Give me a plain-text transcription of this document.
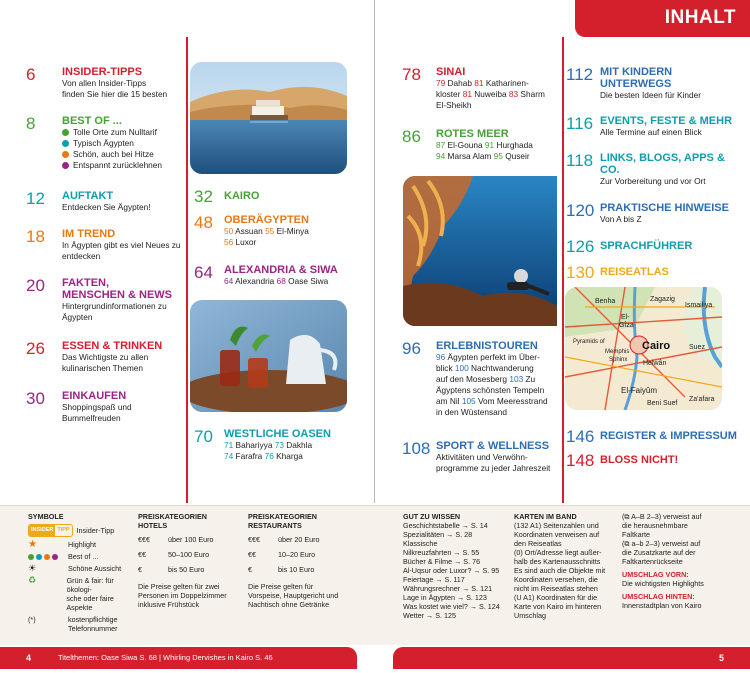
INHALT
6 INSIDER-TIPPS
Von allen Insider-Tipps
finden Sie hier die 15 besten
8 BEST OF ...
Tolle Orte zum Nulltarif
Typisch Ägypten
Schön, auch bei Hitze
Entspannt zurücklehnen
12 AUFTAKT
Entdecken Sie Ägypten!
18 IM TREND
In Ägypten gibt es viel Neues zu
entdecken
20 FAKTEN,
MENSCHEN & NEWS
Hintergrundinformationen zu
Ägypten
26 ESSEN & TRINKEN
Das Wichtigste zu allen
kulinarischen Themen
30 EINKAUFEN
Shoppingspaß und
Bummelfreuden
32 KAIRO
48 OBERÄGYPTEN
50 Assuan 55 El-Minya
56 Luxor
64 ALEXANDRIA & SIWA
64 Alexandria 68 Oase Siwa
70 WESTLICHE OASEN
71 Bahariyya 73 Dakhla
74 Farafra 76 Kharga
78 SINAI
79 Dahab 81 Katharinen-
kloster 81 Nuweiba 83 Sharm
El-Sheikh
86 ROTES MEER
87 El-Gouna 91 Hurghada
94 Marsa Alam 95 Quseir
96 ERLEBNISTOUREN
96 Ägypten perfekt im Über-
blick 100 Nachtwanderung
auf den Mosesberg 103 Zu
Ägyptens schönsten Tempeln
am Nil 105 Vom Meeresstrand
in den Wüstensand
108 SPORT & WELLNESS
Aktivitäten und Verwöhn-
programme zu jeder Jahreszeit
112 MIT KINDERN
UNTERWEGS
Die besten Ideen für Kinder
116 EVENTS, FESTE & MEHR
Alle Termine auf einen Blick
118 LINKS, BLOGS, APPS &
CO.
Zur Vorbereitung und vor Ort
120 PRAKTISCHE HINWEISE
Von A bis Z
126 SPRACHFÜHRER
130 REISEATLAS
Benha	Zagazig
Ismailiya
El-
Gîza
Cairo	Suez
Pyramids of
Memphis
Sphinx Helwân
El-Faiyûm
Beni Suef
Za'afara
146 REGISTER & IMPRESSUM
148 BLOSS NICHT!
SYMBOLE
INSIDER TIPP Insider-Tipp
★	Highlight
Best of ...
☀	Schöne Aussicht
♻	Grün & fair: für ökologi-
sche oder faire Aspekte
(*)	kostenpflichtige
Telefonnummer
PREISKATEGORIEN
HOTELS
€€€	über 100 Euro
€€	50–100 Euro
€	bis 50 Euro
Die Preise gelten für zwei
Personen im Doppelzimmer
inklusive Frühstück
PREISKATEGORIEN
RESTAURANTS
€€€	über 20 Euro
€€	10–20 Euro
€	bis 10 Euro
Die Preise gelten für
Vorspeise, Hauptgericht und
Nachtisch ohne Getränke
GUT ZU WISSEN
Geschichtstabelle → S. 14
Spezialitäten → S. 28
Klassische
Nilkreuzfahrten → S. 55
Bücher & Filme → S. 76
Al-Uqsur oder Luxor? → S. 95
Feiertage → S. 117
Währungsrechner → S. 121
Lage in Ägypten → S. 123
Was kostet wie viel? → S. 124
Wetter → S. 125
KARTEN IM BAND
(132 A1) Seitenzahlen und
Koordinaten verweisen auf
den Reiseatlas
(0) Ort/Adresse liegt außer-
halb des Kartenausschnitts
Es sind auch die Objekte mit
Koordinaten versehen, die
nicht im Reiseatlas stehen
(U A1) Koordinaten für die
Karte von Kairo im hinteren
Umschlag
(⧉ A–B 2–3) verweist auf
die herausnehmbare
Faltkarte
(⧉ a–b 2–3) verweist auf
die Zusatzkarte auf der
Faltkartenrückseite
UMSCHLAG VORN:
Die wichtigsten Highlights
UMSCHLAG HINTEN:
Innenstadtplan von Kairo
4	Titelthemen: Oase Siwa S. 68 | Whirling Dervishes in Kairo S. 46	5
